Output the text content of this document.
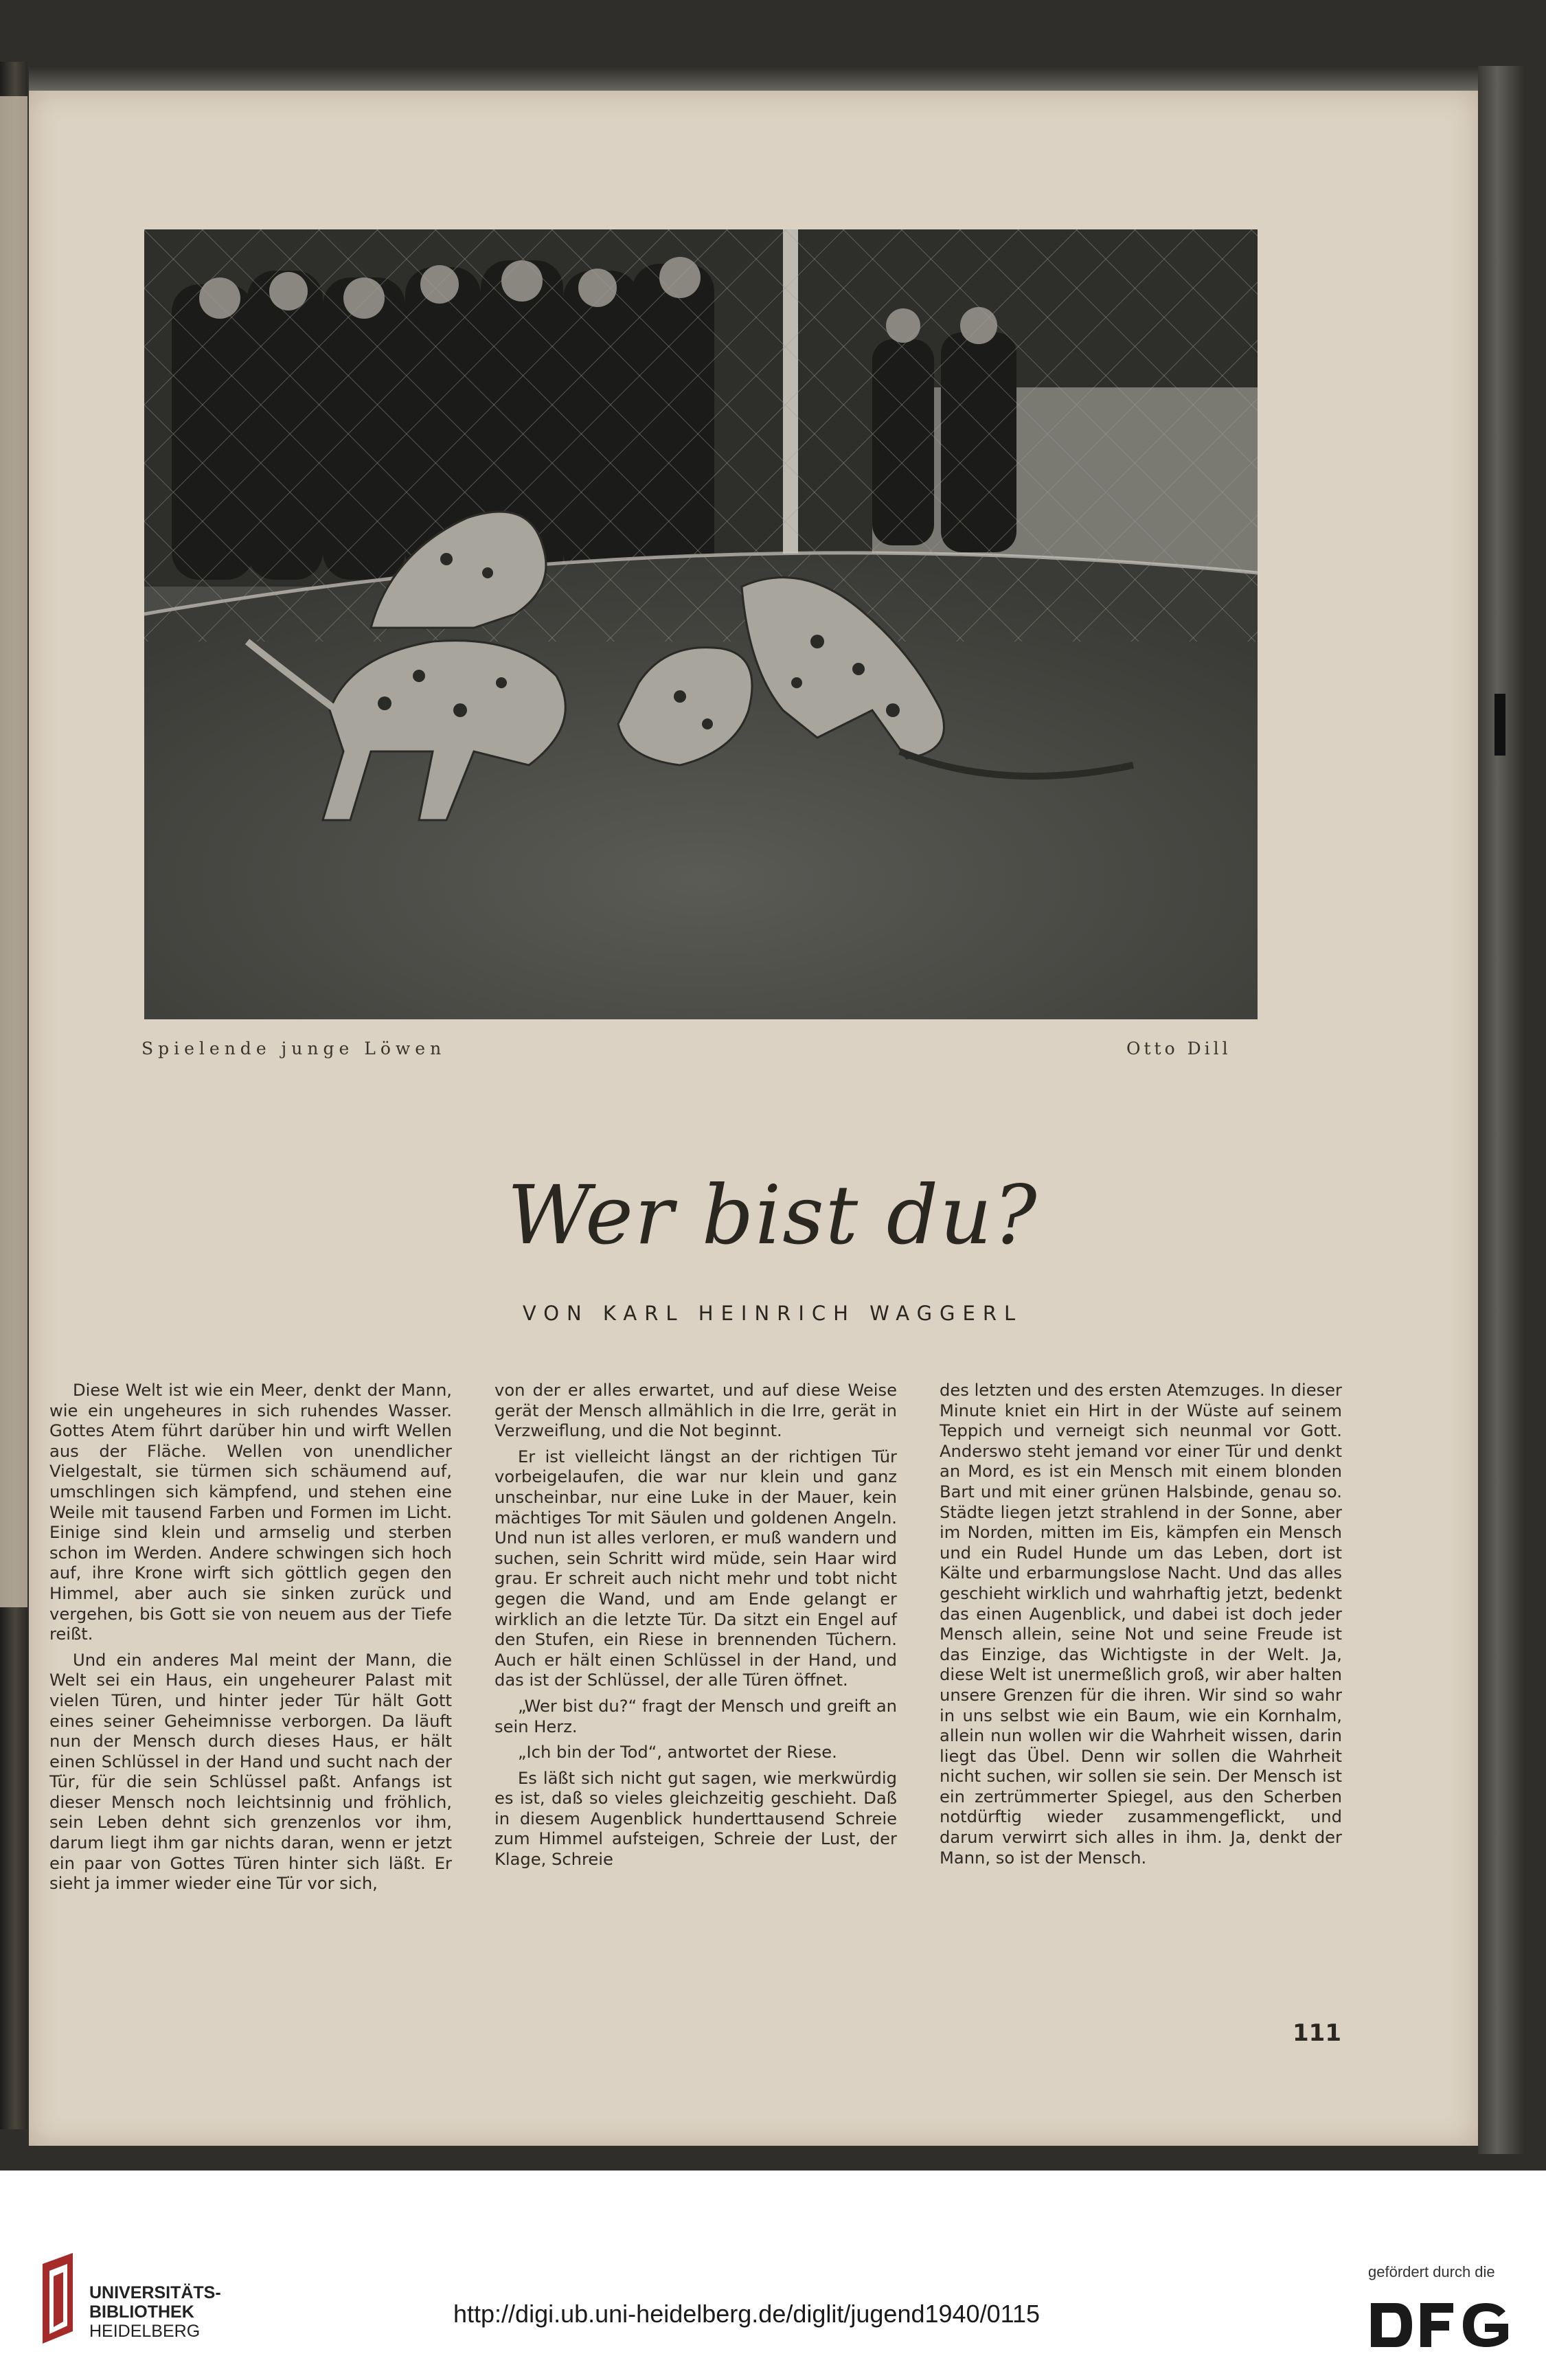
Spielende junge Löwen	Otto Dill
Wer bist du?
VON KARL HEINRICH WAGGERL

Diese Welt ist wie ein Meer, denkt der Mann, wie ein ungeheures in sich ruhendes Wasser. Gottes Atem führt darüber hin und wirft Wellen aus der Fläche. Wellen von unendlicher Vielgestalt, sie türmen sich schäumend auf, umschlingen sich kämpfend, und stehen eine Weile mit tausend Farben und Formen im Licht. Einige sind klein und armselig und sterben schon im Werden. Andere schwingen sich hoch auf, ihre Krone wirft sich göttlich gegen den Himmel, aber auch sie sinken zurück und vergehen, bis Gott sie von neuem aus der Tiefe reißt.

Und ein anderes Mal meint der Mann, die Welt sei ein Haus, ein ungeheurer Palast mit vielen Türen, und hinter jeder Tür hält Gott eines seiner Geheimnisse verborgen. Da läuft nun der Mensch durch dieses Haus, er hält einen Schlüssel in der Hand und sucht nach der Tür, für die sein Schlüssel paßt. Anfangs ist dieser Mensch noch leichtsinnig und fröhlich, sein Leben dehnt sich grenzenlos vor ihm, darum liegt ihm gar nichts daran, wenn er jetzt ein paar von Gottes Türen hinter sich läßt. Er sieht ja immer wieder eine Tür vor sich,

von der er alles erwartet, und auf diese Weise gerät der Mensch allmählich in die Irre, gerät in Verzweiflung, und die Not beginnt.

Er ist vielleicht längst an der richtigen Tür vorbeigelaufen, die war nur klein und ganz unscheinbar, nur eine Luke in der Mauer, kein mächtiges Tor mit Säulen und goldenen Angeln. Und nun ist alles verloren, er muß wandern und suchen, sein Schritt wird müde, sein Haar wird grau. Er schreit auch nicht mehr und tobt nicht gegen die Wand, und am Ende gelangt er wirklich an die letzte Tür. Da sitzt ein Engel auf den Stufen, ein Riese in brennenden Tüchern. Auch er hält einen Schlüssel in der Hand, und das ist der Schlüssel, der alle Türen öffnet.

„Wer bist du?“ fragt der Mensch und greift an sein Herz.

„Ich bin der Tod“, antwortet der Riese.

Es läßt sich nicht gut sagen, wie merkwürdig es ist, daß so vieles gleichzeitig geschieht. Daß in diesem Augenblick hunderttausend Schreie zum Himmel aufsteigen, Schreie der Lust, der Klage, Schreie

des letzten und des ersten Atemzuges. In dieser Minute kniet ein Hirt in der Wüste auf seinem Teppich und verneigt sich neunmal vor Gott. Anderswo steht jemand vor einer Tür und denkt an Mord, es ist ein Mensch mit einem blonden Bart und mit einer grünen Halsbinde, genau so. Städte liegen jetzt strahlend in der Sonne, aber im Norden, mitten im Eis, kämpfen ein Mensch und ein Rudel Hunde um das Leben, dort ist Kälte und erbarmungslose Nacht. Und das alles geschieht wirklich und wahrhaftig jetzt, bedenkt das einen Augenblick, und dabei ist doch jeder Mensch allein, seine Not und seine Freude ist das Einzige, das Wichtigste in der Welt. Ja, diese Welt ist unermeßlich groß, wir aber halten unsere Grenzen für die ihren. Wir sind so wahr in uns selbst wie ein Baum, wie ein Kornhalm, allein nun wollen wir die Wahrheit wissen, darin liegt das Übel. Denn wir sollen die Wahrheit nicht suchen, wir sollen sie sein. Der Mensch ist ein zertrümmerter Spiegel, aus den Scherben notdürftig wieder zusammengeflickt, und darum verwirrt sich alles in ihm. Ja, denkt der Mann, so ist der Mensch.

111
UNIVERSITÄTS-
BIBLIOTHEK
HEIDELBERG
http://digi.ub.uni-heidelberg.de/diglit/jugend1940/0115
gefördert durch die
